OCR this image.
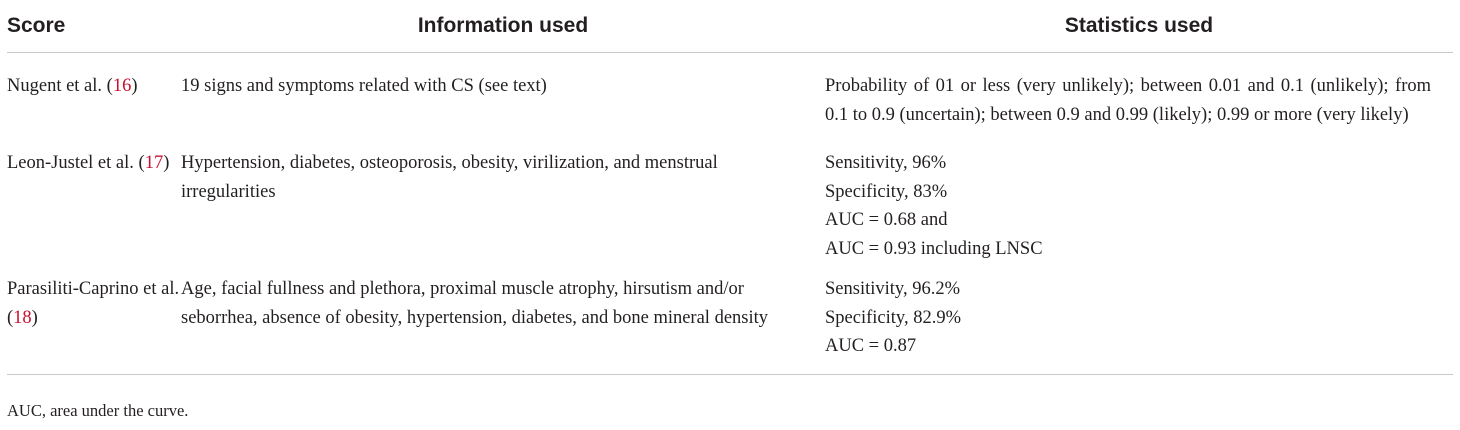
Score	Information used	Statistics used
Nugent et al. (16)	19 signs and symptoms related with CS (see text)	Probability of 01 or less (very unlikely); between 0.01 and 0.1 (unlikely); from 0.1 to 0.9 (uncertain); between 0.9 and 0.99 (likely); 0.99 or more (very likely)

Leon-Justel et al. (17)	Hypertension, diabetes, osteoporosis, obesity, virilization, and menstrual irregularities	Sensitivity, 96%
Specificity, 83%
AUC = 0.68 and
AUC = 0.93 including LNSC

Parasiliti-Caprino et al. (18)	Age, facial fullness and plethora, proximal muscle atrophy, hirsutism and/or seborrhea, absence of obesity, hypertension, diabetes, and bone mineral density	Sensitivity, 96.2%
Specificity, 82.9%
AUC = 0.87
AUC, area under the curve.
